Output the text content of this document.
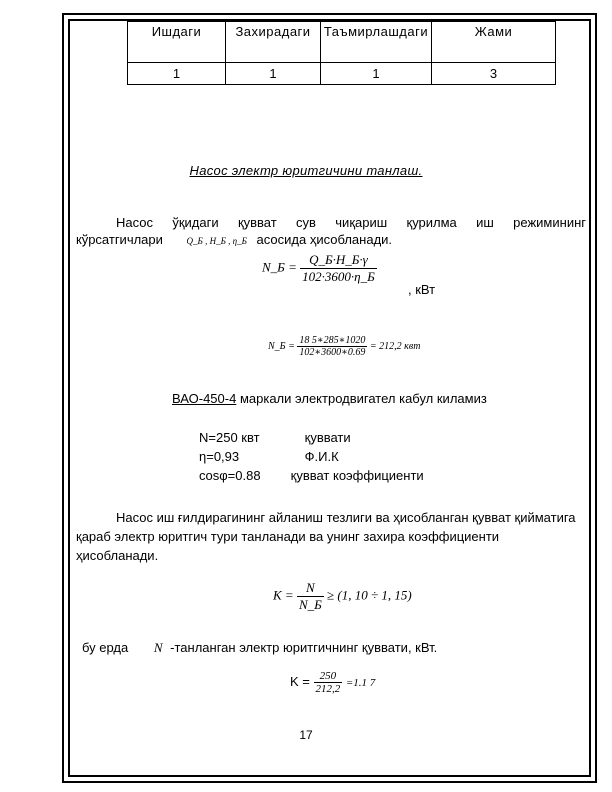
Ишдаги	Захирадаги	Таъмирлашдаги	Жами
1	1	1	3
Насос электр юритгичини танлаш.
Насос ўқидаги қувват сув чиқариш қурилма иш режимининг
кўрсатгичлари	Q_Б , H_Б , η_Б асосида ҳисобланади.
N_Б = $\frac{Q\_Б\cdot H\_Б\cdot\gamma}{102\cdot 3600\cdot\eta\_Б}$
, кВт
N_Б = $\frac{18 5∗285∗1020}{102∗3600∗0.69} = 212,2$ квт
ВАО-450-4 маркали электродвигател кабул киламиз
N=250 квт	қуввати
η=0,93	Ф.И.К
cosφ=0.88 қувват коэффициенти
Насос иш ғилдирагининг айланиш тезлиги ва ҳисобланган қувват қийматига қараб электр юритгич тури танланади ва унинг захира коэффициенти ҳисобланади.
$K = \frac{N}{N\_Б} \ge (1$, 10 ÷ 1, 15)
бу ерда N -танланган электр юритгичнинг қуввати, кВт.
$K = \frac{250}{212,2} =1.1$ 7
17
